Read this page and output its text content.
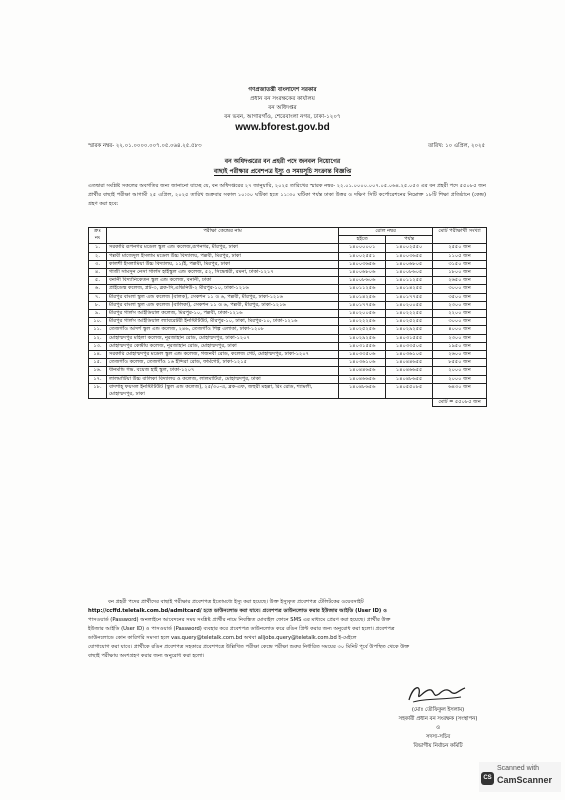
গণপ্রজাতন্ত্রী বাংলাদেশ সরকার
প্রধান বন সংরক্ষকের কার্যালয়
বন অধিদপ্তর
বন ভবন, আগারগাঁও, শেরেবাংলা নগর, ঢাকা-১২০৭
www.bforest.gov.bd
স্মারক নম্বর- ২২.০১.০০০০.০০৭.০৫.০৬৪.২৫.৫৮৩	তারিখ: ১০ এপ্রিল, ২০২৫
বন অধিদপ্তরের বন প্রহরী পদে জনবল নিয়োগের
বাছাই পরীক্ষার প্রবেশপত্র ইস্যু ও সময়সূচি সংক্রান্ত বিজ্ঞপ্তি
এতদ্বারা সংশ্লিষ্ট সকলের অবগতির জন্য জানানো যাচ্ছে যে, বন অধিদপ্তরের ২৭ জানুয়ারি, ২০২৫ তারিখের স্মারক নম্বর- ২২.০১.০০০০.০০৭.০৫.০৬৪.২৫.০৫৩ এর বন প্রহরী পদে ৫৫০৮৫ জন প্রার্থীর বাছাই পরীক্ষা আগামী ২৫ এপ্রিল, ২০২৫ তারিখ শুক্রবার সকাল ১০:৩০ ঘটিকা হতে ১১:৩০ ঘটিকা পর্যন্ত ঢাকা উত্তর ও দক্ষিণ সিটি কর্পোরেশনের নিম্নোক্ত ১৮টি শিক্ষা প্রতিষ্ঠানে (কেন্দ্র) গ্রহণ করা হবে:
ক্রঃ নং	পরীক্ষা কেন্দ্রের নাম	রোল নম্বর		মোট পরীক্ষার্থী সংখ্যা
		হইতে	পর্যন্ত	
১.	সরকারি রূপনগর মডেল স্কুল এন্ড কলেজ,রূপনগর, মীরপুর, ঢাকা	১৪০০০০০১	১৪০০২৫৫০	২৫৫০ জন
২.	পল্লবী মাজেদুল ইসলাম মডেল উচ্চ বিদ্যালয়, পল্লবী, মিরপুর, ঢাকা	১৪০০২৫৫১	১৪০০৩৬৫৫	১১০৫ জন
৩.	কালশী ইসলামিয়া উচ্চ বিদ্যালয়, ১১/ই, পল্লবী, মিরপুর, ঢাকা	১৪০০৩৬৫৬	১৪০০৬৮০৫	৩১৫০ জন
৪.	গাজী সামসুন নেসা গার্লস হাইস্কুল এন্ড কলেজ, ৫২, সিদ্ধেশ্বরী, রমনা, ঢাকা-১২১৭	১৪০০৬৮০৬	১৪০০৮৬০৫	১৮০০ জন
৫.	বনানী বিদ্যানিকেতন স্কুল এন্ড কলেজ, বনানী, ঢাকা	১৪০০৮৬০৬	১৪০১১২৫৫	২৬৫০ জন
৬.	প্রাইডেস্ক কলেজ, প্লট-৩, ব্লক-সি,এভিনিউ-২ মীরপুর-১০, ঢাকা-১২১৬	১৪০১১২৫৬	১৪০১৪২৫৫	৩০০০ জন
৭.	মীরপুর বাংলা স্কুল এন্ড কলেজ (বালক), সেকশন ১১ ও ৬, পল্লবী, মীরপুর, ঢাকা-১২১৬	১৪০১৪২৫৬	১৪০১৭৭৫৫	৩৫০০ জন
৮.	মীরপুর বাংলা স্কুল এন্ড কলেজ (বালিকা), সেকশন ১১ ও ৬, পল্লবী, মীরপুর, ঢাকা-১২১৬	১৪০১৭৭৫৬	১৪০২০০৫৫	২৩০০ জন
৯.	মীরপুর গার্লস আইডিয়াল কলেজ, মিরপুর-১০, পল্লবী, ঢাকা-১২১৬	১৪০২০০৫৬	১৪০২২২৫৫	২২০০ জন
১০.	মীরপুর গার্লস আইডিয়াল ল্যাবরেটরী ইনস্টিটিউট, মীরপুর-১০, ঢাকা, মিরপুর-১০, ঢাকা-১২১৬	১৪০২২২৫৬	১৪০২৫২৫৫	৩০০০ জন
১১.	তেজগাঁও আদর্শ স্কুল এন্ড কলেজ, ২৪৬, তেজগাঁও শিল্প এলাকা, ঢাকা-১২০৮	১৪০২৫২৫৬	১৪০২৯২৫৫	৪০০০ জন
১২.	মোহাম্মদপুর মহিলা কলেজ, নূরজাহান রোড, মোহাম্মদপুর, ঢাকা-১২০৭	১৪০২৯২৫৬	১৪০৩১৫৫৫	২৩০০ জন
১৩.	মোহাম্মদপুর কেন্দ্রীয় কলেজ, নূরজাহান রোড, মোহাম্মদপুর, ঢাকা	১৪০৩১৫৫৬	১৪০৩৩৫০৫	১৯৫০ জন
১৪.	সরকারি মোহাম্মদপুর মডেল স্কুল এন্ড কলেজ, গজনবী রোড, কলেজ গেট, মোহাম্মদপুর, ঢাকা-১২০৭	১৪০৩৩৫০৬	১৪০৩৬১০৫	২৬০০ জন
১৫.	তেজগাঁও কলেজ, তেজগাঁও ১৬ ইন্দিরা রোড, ফার্মগেট, ঢাকা-১২১৫	১৪০৩৬১০৬	১৪০৪৪৬৫৫	৮৫৫০ জন
১৬.	ধানমন্ডি গভ. বয়েজ হাই স্কুল, ঢাকা-১২০৭	১৪০৪৪৬৫৬	১৪০৪৬৬৫৫	২০০০ জন
১৭.	লালমাটিয়া উচ্চ বালিকা বিদ্যালয় ও কলেজ, লালমাটিয়া, মোহাম্মদপুর, ঢাকা	১৪০৪৬৬৫৬	১৪০৪৮৬৫৫	২০০০ জন
১৮.	বাদশাহ্ ফয়সল ইনস্টিটিউট (স্কুল এন্ড কলেজ), ২৫/৩০-এ, ব্লক-এফ, জহুরী মহল্লা, রিং রোড, শ্যামলী, মোহাম্মদপুর, ঢাকা	১৪০৪৮৬৫৬	১৪০৫৫০৮৫	৬৪৩০ জন
				মোট = ৫৫০৮৫ জন
বন প্রহরী পদের প্রার্থীদের বাছাই পরীক্ষার প্রবেশপত্র ইতোমধ্যে ইস্যু করা হয়েছে। উক্ত ইস্যুকৃত প্রবেশপত্র টেলিটকের ওয়েবসাইট
http://ccffd.teletalk.com.bd/admitcard/ হতে ডাউনলোড করা যাবে। প্রবেশপত্র ডাউনলোড করার ইউজার আইডি (User ID) ও
পাসওয়ার্ড (Password) অনলাইনে আবেদনের সময় সংশ্লিষ্ট প্রার্থীর নামে নিবন্ধিত মোবাইল ফোনে SMS এর মাধ্যমে প্রেরণ করা হয়েছে। প্রার্থীর উক্ত
ইউজার আইডি (User ID) ও পাসওয়ার্ড (Password) ব্যবহার করে প্রবেশপত্র ডাউনলোড করে রঙিন প্রিন্ট করার জন্য অনুরোধ করা হলো। প্রবেশপত্র
ডাউনলোডে কোন কারিগরি সমস্যা হলে vas.query@teletalk.com.bd অথবা alljobs.query@teletalk.com.bd ই-মেইলে
যোগাযোগ করা যাবে। প্রার্থীকে রঙিন প্রবেশপত্র সহকারে প্রবেশপত্রে উল্লিখিত পরীক্ষা কেন্দ্রে পরীক্ষা শুরুর নির্ধারিত সময়ের ৩০ মিনিট পূর্বে উপস্থিত থেকে উক্ত
বাছাই পরীক্ষায় অংশগ্রহণ করার জন্য অনুরোধ করা হলো।
(মোঃ তৌফিকুল ইসলাম)
সহকারী প্রধান বন সংরক্ষক (সংস্থাপন)
ও
সদস্য-সচিব
বিভাগীয় নির্বাচন কমিটি
CS
Scanned with
CamScanner
